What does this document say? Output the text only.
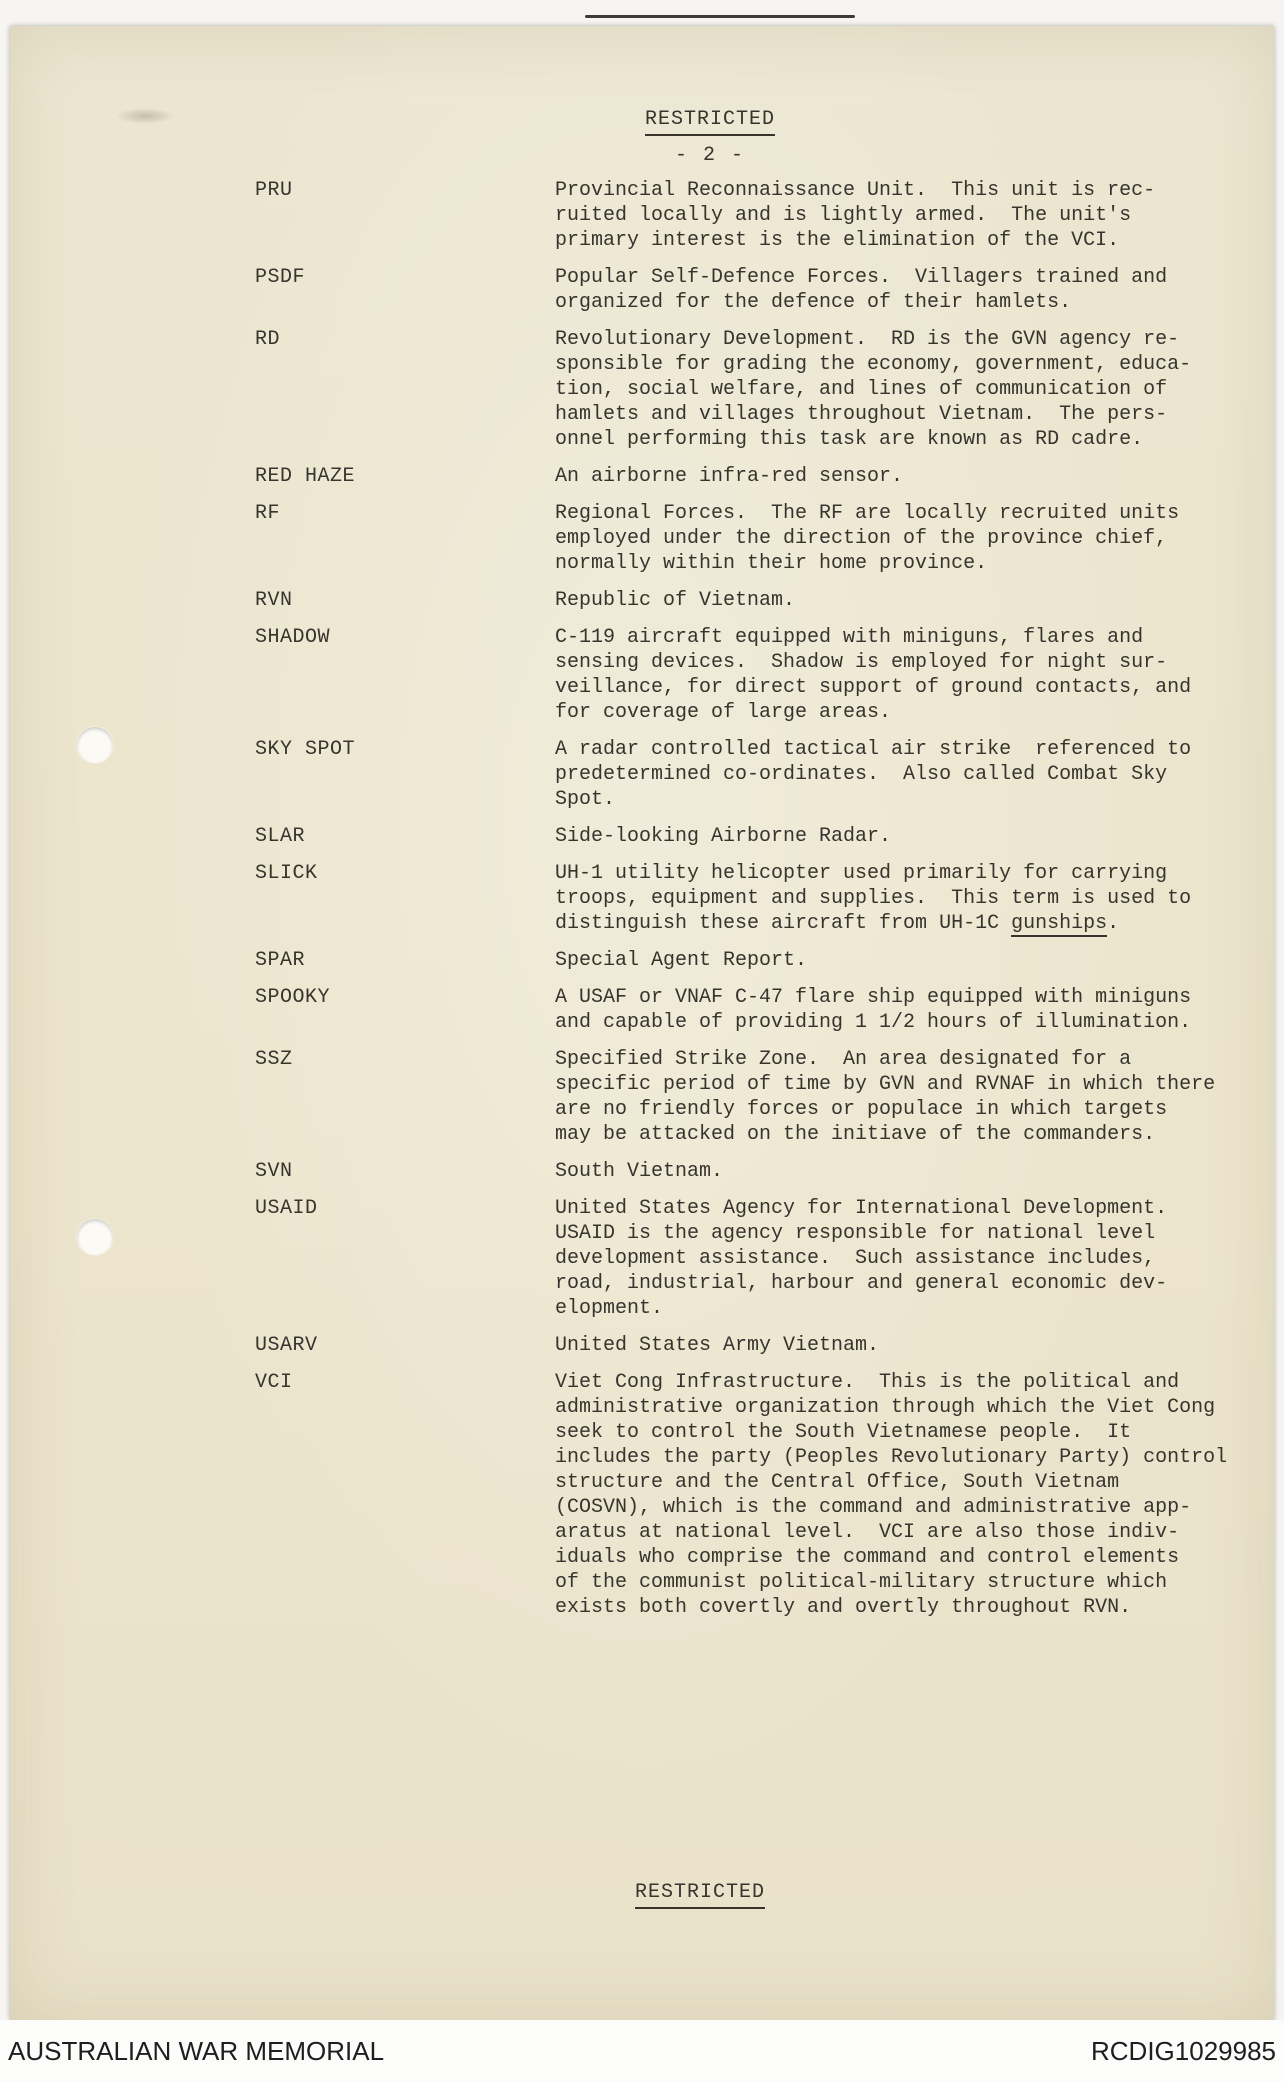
RESTRICTED
- 2 -
PRU	Provincial Reconnaissance Unit.  This unit is rec-
ruited locally and is lightly armed.  The unit's
primary interest is the elimination of the VCI.
PSDF	Popular Self-Defence Forces.  Villagers trained and
organized for the defence of their hamlets.
RD	Revolutionary Development.  RD is the GVN agency re-
sponsible for grading the economy, government, educa-
tion, social welfare, and lines of communication of
hamlets and villages throughout Vietnam.  The pers-
onnel performing this task are known as RD cadre.
RED HAZE	An airborne infra-red sensor.
RF	Regional Forces.  The RF are locally recruited units
employed under the direction of the province chief,
normally within their home province.
RVN	Republic of Vietnam.
SHADOW	C-119 aircraft equipped with miniguns, flares and
sensing devices.  Shadow is employed for night sur-
veillance, for direct support of ground contacts, and
for coverage of large areas.
SKY SPOT	A radar controlled tactical air strike  referenced to
predetermined co-ordinates.  Also called Combat Sky
Spot.
SLAR	Side-looking Airborne Radar.
SLICK	UH-1 utility helicopter used primarily for carrying
troops, equipment and supplies.  This term is used to
distinguish these aircraft from UH-1C gunships.
SPAR	Special Agent Report.
SPOOKY	A USAF or VNAF C-47 flare ship equipped with miniguns
and capable of providing 1 1/2 hours of illumination.
SSZ	Specified Strike Zone.  An area designated for a
specific period of time by GVN and RVNAF in which there
are no friendly forces or populace in which targets
may be attacked on the initiave of the commanders.
SVN	South Vietnam.
USAID	United States Agency for International Development.
USAID is the agency responsible for national level
development assistance.  Such assistance includes,
road, industrial, harbour and general economic dev-
elopment.
USARV	United States Army Vietnam.
VCI	Viet Cong Infrastructure.  This is the political and
administrative organization through which the Viet Cong
seek to control the South Vietnamese people.  It
includes the party (Peoples Revolutionary Party) control
structure and the Central Office, South Vietnam
(COSVN), which is the command and administrative app-
aratus at national level.  VCI are also those indiv-
iduals who comprise the command and control elements
of the communist political-military structure which
exists both covertly and overtly throughout RVN.
RESTRICTED
AUSTRALIAN WAR MEMORIAL	RCDIG1029985
